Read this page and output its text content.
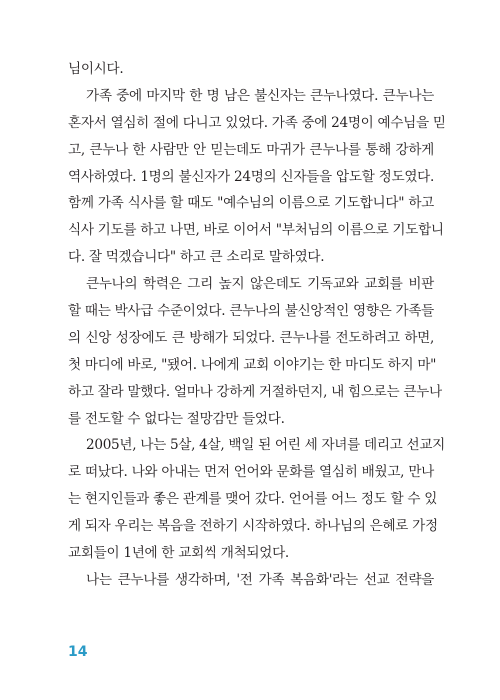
님이시다.
가족 중에 마지막 한 명 남은 불신자는 큰누나였다. 큰누나는
혼자서 열심히 절에 다니고 있었다. 가족 중에 24명이 예수님을 믿
고, 큰누나 한 사람만 안 믿는데도 마귀가 큰누나를 통해 강하게
역사하였다. 1명의 불신자가 24명의 신자들을 압도할 정도였다.
함께 가족 식사를 할 때도 "예수님의 이름으로 기도합니다" 하고
식사 기도를 하고 나면, 바로 이어서 "부처님의 이름으로 기도합니
다. 잘 먹겠습니다" 하고 큰 소리로 말하였다.
큰누나의 학력은 그리 높지 않은데도 기독교와 교회를 비판
할 때는 박사급 수준이었다. 큰누나의 불신앙적인 영향은 가족들
의 신앙 성장에도 큰 방해가 되었다. 큰누나를 전도하려고 하면,
첫 마디에 바로, "됐어. 나에게 교회 이야기는 한 마디도 하지 마"
하고 잘라 말했다. 얼마나 강하게 거절하던지, 내 힘으로는 큰누나
를 전도할 수 없다는 절망감만 들었다.
2005년, 나는 5살, 4살, 백일 된 어린 세 자녀를 데리고 선교지
로 떠났다. 나와 아내는 먼저 언어와 문화를 열심히 배웠고, 만나
는 현지인들과 좋은 관계를 맺어 갔다. 언어를 어느 정도 할 수 있
게 되자 우리는 복음을 전하기 시작하였다. 하나님의 은혜로 가정
교회들이 1년에 한 교회씩 개척되었다.
나는 큰누나를 생각하며, '전 가족 복음화'라는 선교 전략을
14
